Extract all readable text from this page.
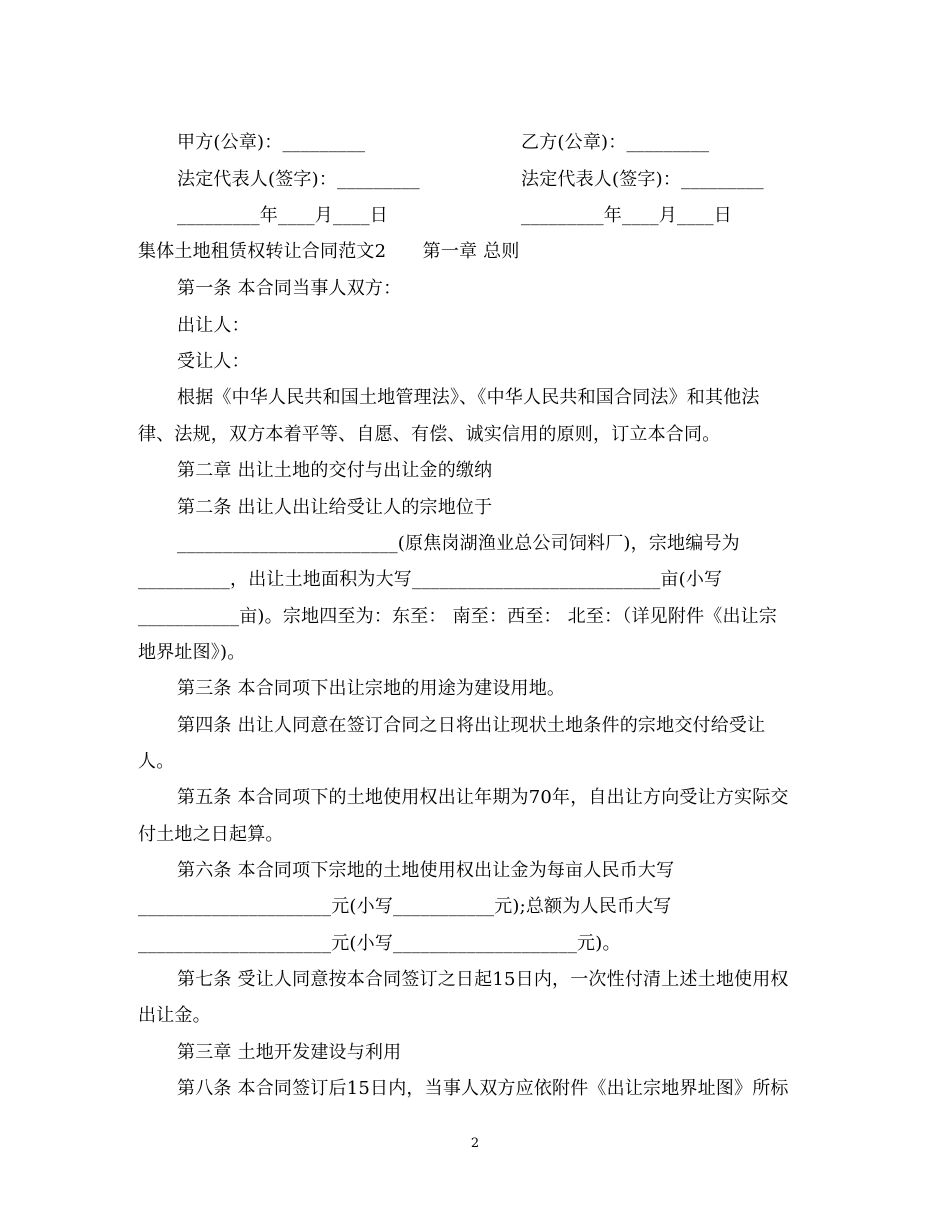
甲方(公章)：_________	乙方(公章)：_________
法定代表人(签字)：_________	法定代表人(签字)：_________
_________年____月____日	_________年____月____日
集体土地租赁权转让合同范文2　　第一章 总则
第一条 本合同当事人双方：
出让人：
受让人：
根据《中华人民共和国土地管理法》、《中华人民共和国合同法》和其他法
律、法规，双方本着平等、自愿、有偿、诚实信用的原则，订立本合同。
第二章 出让土地的交付与出让金的缴纳
第二条 出让人出让给受让人的宗地位于
________________________(原焦岗湖渔业总公司饲料厂)，宗地编号为
__________，出让土地面积为大写___________________________亩(小写
___________亩)。宗地四至为：东至： 南至：西至： 北至：（详见附件《出让宗
地界址图》)。
第三条 本合同项下出让宗地的用途为建设用地。
第四条 出让人同意在签订合同之日将出让现状土地条件的宗地交付给受让
人。
第五条 本合同项下的土地使用权出让年期为70年，自出让方向受让方实际交
付土地之日起算。
第六条 本合同项下宗地的土地使用权出让金为每亩人民币大写
_____________________元(小写___________元);总额为人民币大写
_____________________元(小写____________________元)。
第七条 受让人同意按本合同签订之日起15日内，一次性付清上述土地使用权
出让金。
第三章 土地开发建设与利用
第八条 本合同签订后15日内，当事人双方应依附件《出让宗地界址图》所标
2
